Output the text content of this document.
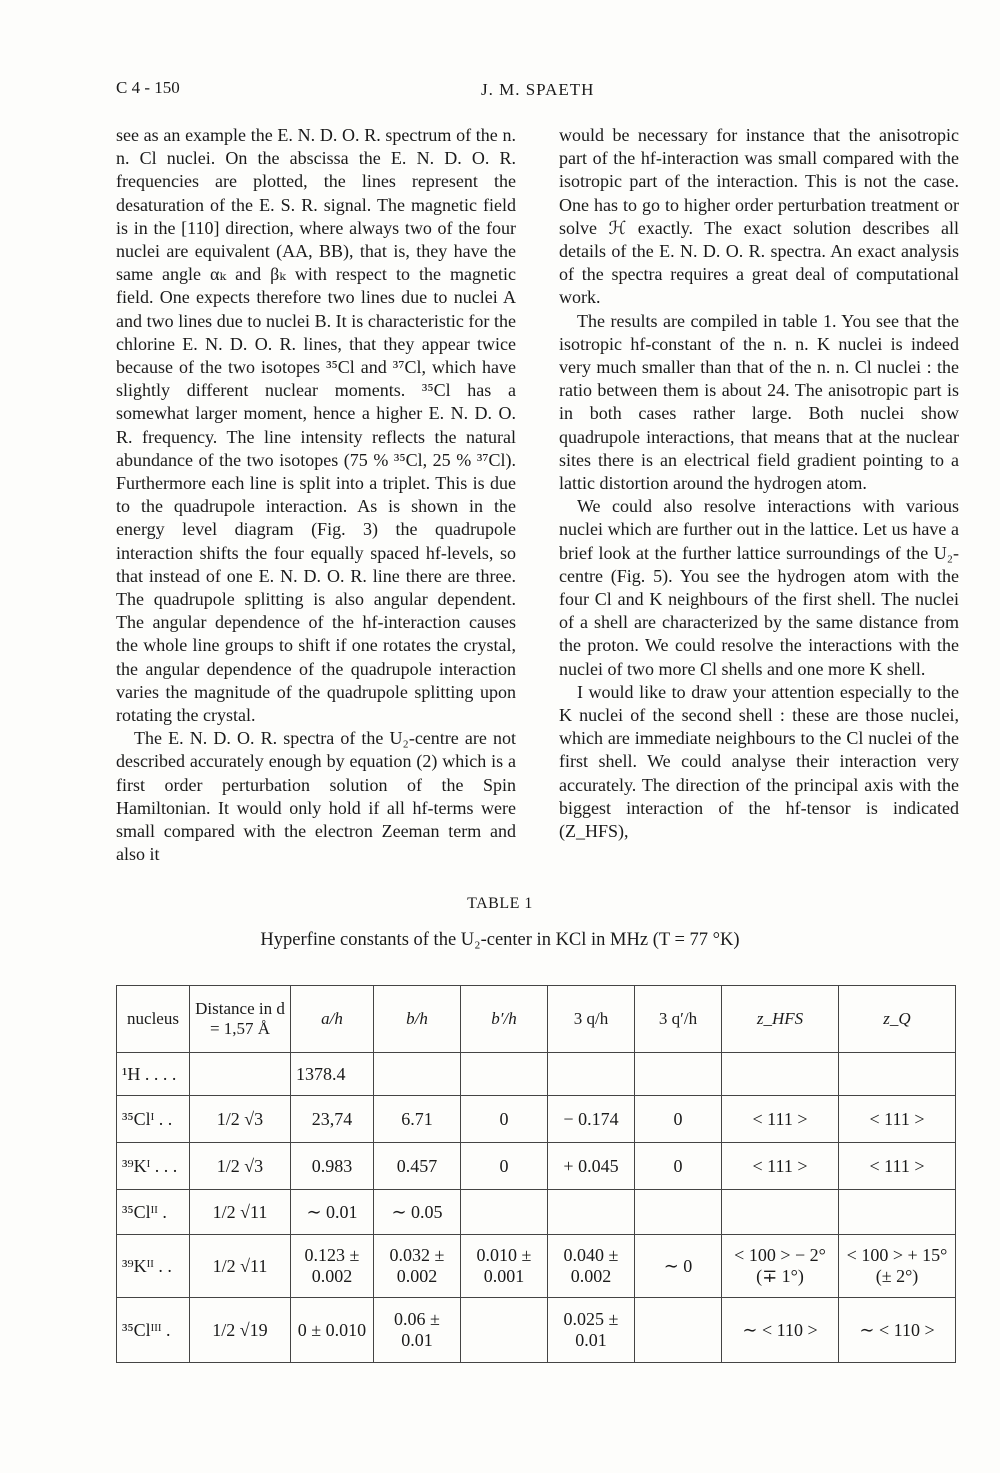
C 4 - 150	J. M. SPAETH

see as an example the E. N. D. O. R. spectrum of the n. n. Cl nuclei. On the abscissa the E. N. D. O. R. frequencies are plotted, the lines represent the desaturation of the E. S. R. signal. The magnetic field is in the [110] direction, where always two of the four nuclei are equivalent (AA, BB), that is, they have the same angle αₖ and βₖ with respect to the magnetic field. One expects therefore two lines due to nuclei A and two lines due to nuclei B. It is characteristic for the chlorine E. N. D. O. R. lines, that they appear twice because of the two isotopes ³⁵Cl and ³⁷Cl, which have slightly different nuclear moments. ³⁵Cl has a somewhat larger moment, hence a higher E. N. D. O. R. frequency. The line intensity reflects the natural abundance of the two isotopes (75 % ³⁵Cl, 25 % ³⁷Cl). Furthermore each line is split into a triplet. This is due to the quadrupole interaction. As is shown in the energy level diagram (Fig. 3) the quadrupole interaction shifts the four equally spaced hf-levels, so that instead of one E. N. D. O. R. line there are three. The quadrupole splitting is also angular dependent. The angular dependence of the hf-interaction causes the whole line groups to shift if one rotates the crystal, the angular dependence of the quadrupole interaction varies the magnitude of the quadrupole splitting upon rotating the crystal.

The E. N. D. O. R. spectra of the U₂-centre are not described accurately enough by equation (2) which is a first order perturbation solution of the Spin Hamiltonian. It would only hold if all hf-terms were small compared with the electron Zeeman term and also it

would be necessary for instance that the anisotropic part of the hf-interaction was small compared with the isotropic part of the interaction. This is not the case. One has to go to higher order perturbation treatment or solve ℋ exactly. The exact solution describes all details of the E. N. D. O. R. spectra. An exact analysis of the spectra requires a great deal of computational work.

The results are compiled in table 1. You see that the isotropic hf-constant of the n. n. K nuclei is indeed very much smaller than that of the n. n. Cl nuclei : the ratio between them is about 24. The anisotropic part is in both cases rather large. Both nuclei show quadrupole interactions, that means that at the nuclear sites there is an electrical field gradient pointing to a lattic distortion around the hydrogen atom.

We could also resolve interactions with various nuclei which are further out in the lattice. Let us have a brief look at the further lattice surroundings of the U₂-centre (Fig. 5). You see the hydrogen atom with the four Cl and K neighbours of the first shell. The nuclei of a shell are characterized by the same distance from the proton. We could resolve the interactions with the nuclei of two more Cl shells and one more K shell.

I would like to draw your attention especially to the K nuclei of the second shell : these are those nuclei, which are immediate neighbours to the Cl nuclei of the first shell. We could analyse their interaction very accurately. The direction of the principal axis with the biggest interaction of the hf-tensor is indicated (Z_HFS),

TABLE 1
Hyperfine constants of the U₂-center in KCl in MHz (T = 77 °K)
nucleus	Distance in d = 1,57 Å	a/h	b/h	b′/h	3 q/h	3 q′/h	z_HFS	z_Q
¹H . . . .		1378.4						
³⁵Clᴵ . .	1/2 √3	23,74	6.71	0	− 0.174	0	< 111 >	< 111 >
³⁹Kᴵ . . .	1/2 √3	0.983	0.457	0	+ 0.045	0	< 111 >	< 111 >
³⁵Clᴵᴵ .	1/2 √11	∼ 0.01	∼ 0.05					
³⁹Kᴵᴵ . .	1/2 √11	0.123 ± 0.002	0.032 ± 0.002	0.010 ± 0.001	0.040 ± 0.002	∼ 0	< 100 > − 2° (∓ 1°)	< 100 > + 15° (± 2°)
³⁵Clᴵᴵᴵ .	1/2 √19	0 ± 0.010	0.06 ± 0.01		0.025 ± 0.01		∼ < 110 >	∼ < 110 >
